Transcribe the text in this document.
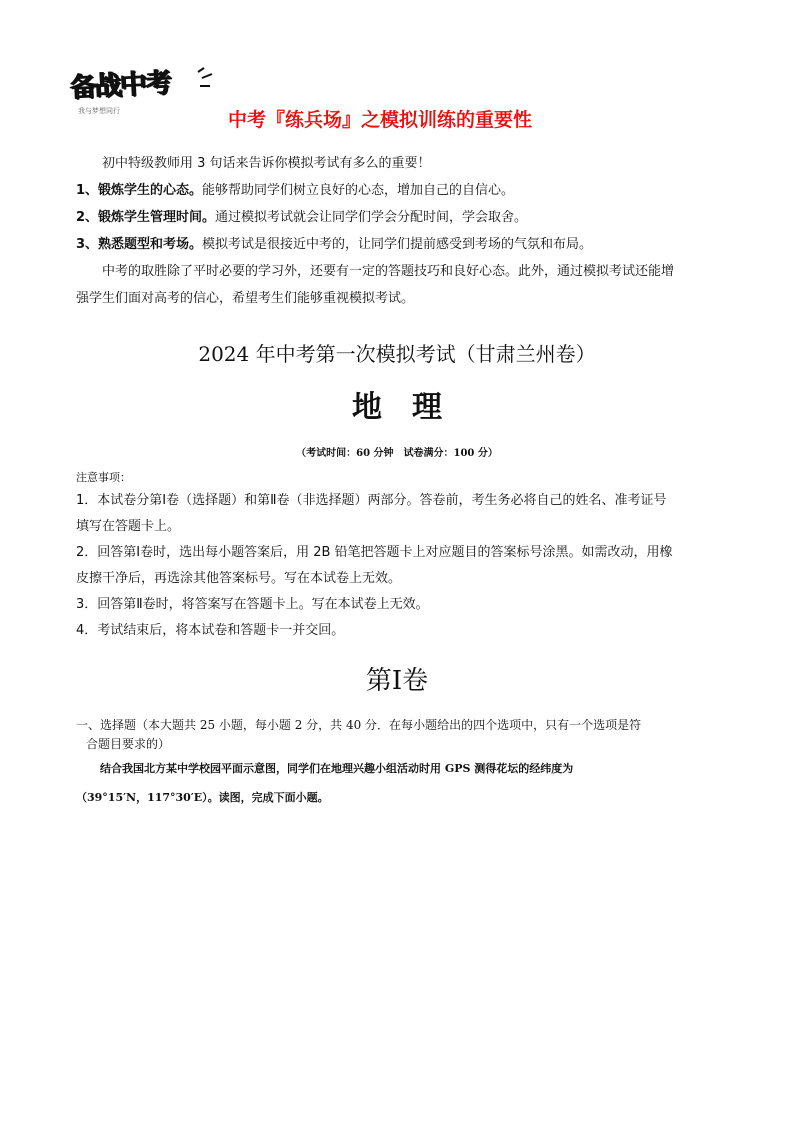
备战中考
我与梦想同行	中考『练兵场』之模拟训练的重要性

初中特级教师用 3 句话来告诉你模拟考试有多么的重要！

1、锻炼学生的心态。能够帮助同学们树立良好的心态，增加自己的自信心。

2、锻炼学生管理时间。通过模拟考试就会让同学们学会分配时间，学会取舍。

3、熟悉题型和考场。模拟考试是很接近中考的，让同学们提前感受到考场的气氛和布局。

中考的取胜除了平时必要的学习外，还要有一定的答题技巧和良好心态。此外，通过模拟考试还能增

强学生们面对高考的信心，希望考生们能够重视模拟考试。

2024 年中考第一次模拟考试（甘肃兰州卷）
地理
（考试时间：60 分钟　试卷满分：100 分）

注意事项：

1．本试卷分第Ⅰ卷（选择题）和第Ⅱ卷（非选择题）两部分。答卷前，考生务必将自己的姓名、准考证号

填写在答题卡上。

2．回答第Ⅰ卷时，选出每小题答案后，用 2B 铅笔把答题卡上对应题目的答案标号涂黑。如需改动，用橡

皮擦干净后，再选涂其他答案标号。写在本试卷上无效。

3．回答第Ⅱ卷时，将答案写在答题卡上。写在本试卷上无效。

4．考试结束后，将本试卷和答题卡一并交回。

第Ⅰ卷

一、选择题（本大题共 25 小题，每小题 2 分，共 40 分．在每小题给出的四个选项中，只有一个选项是符

合题目要求的）

结合我国北方某中学校园平面示意图，同学们在地理兴趣小组活动时用 GPS 测得花坛的经纬度为

（39°15′N，117°30′E）。读图，完成下面小题。
